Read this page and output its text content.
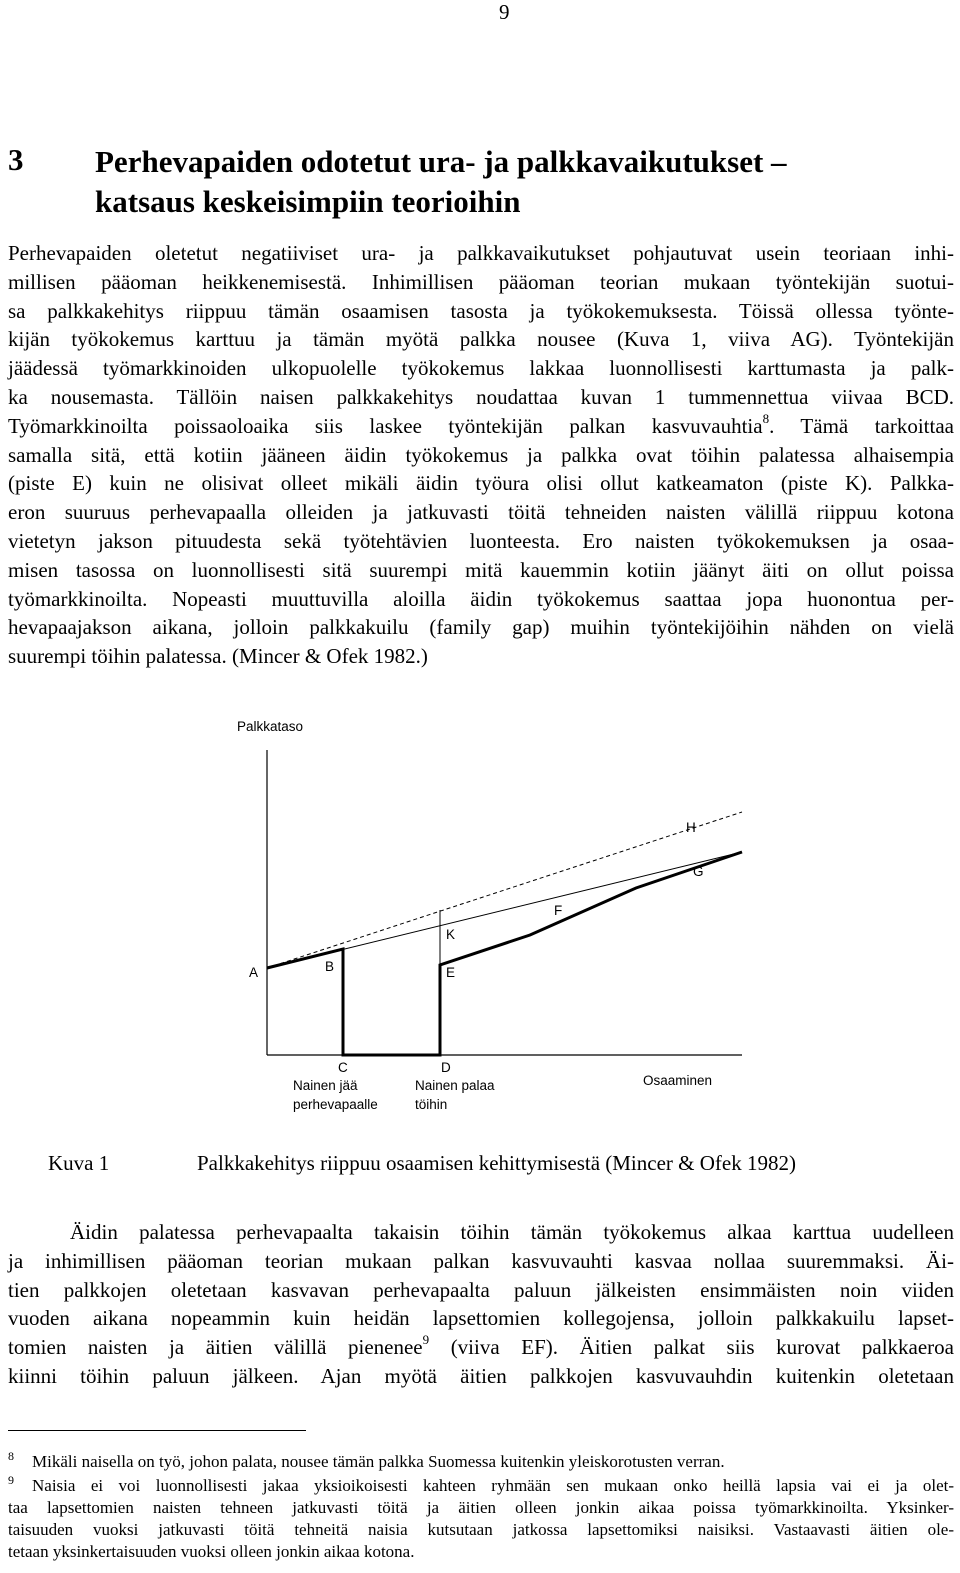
9
3 Perhevapaiden odotetut ura- ja palkkavaikutukset –
katsaus keskeisimpiin teorioihin

Perhevapaiden oletetut negatiiviset ura- ja palkkavaikutukset pohjautuvat usein teoriaan inhi-
millisen pääoman heikkenemisestä. Inhimillisen pääoman teorian mukaan työntekijän suotui-
sa palkkakehitys riippuu tämän osaamisen tasosta ja työkokemuksesta. Töissä ollessa työnte-
kijän työkokemus karttuu ja tämän myötä palkka nousee (Kuva 1, viiva AG). Työntekijän
jäädessä työmarkkinoiden ulkopuolelle työkokemus lakkaa luonnollisesti karttumasta ja palk-
ka nousemasta. Tällöin naisen palkkakehitys noudattaa kuvan 1 tummennettua viivaa BCD.
Työmarkkinoilta poissaoloaika siis laskee työntekijän palkan kasvuvauhtia$^8$. Tämä tarkoittaa
samalla sitä, että kotiin jääneen äidin työkokemus ja palkka ovat töihin palatessa alhaisempia
(piste E) kuin ne olisivat olleet mikäli äidin työura olisi ollut katkeamaton (piste K). Palkka-
eron suuruus perhevapaalla olleiden ja jatkuvasti töitä tehneiden naisten välillä riippuu kotona
vietetyn jakson pituudesta sekä työtehtävien luonteesta. Ero naisten työkokemuksen ja osaa-
misen tasossa on luonnollisesti sitä suurempi mitä kauemmin kotiin jäänyt äiti on ollut poissa
työmarkkinoilta. Nopeasti muuttuvilla aloilla äidin työkokemus saattaa jopa huonontua per-
hevapaajakson aikana, jolloin palkkakuilu (family gap) muihin työntekijöihin nähden on vielä
suurempi töihin palatessa. (Mincer & Ofek 1982.)

Palkkataso
Osaaminen
A	B
C	D
E
K
F
G
H
Nainen jää
perhevapaalle
Nainen palaa
töihin
Kuva 1	Palkkakehitys riippuu osaamisen kehittymisestä (Mincer & Ofek 1982)

Äidin palatessa perhevapaalta takaisin töihin tämän työkokemus alkaa karttua uudelleen
ja inhimillisen pääoman teorian mukaan palkan kasvuvauhti kasvaa nollaa suuremmaksi. Äi-
tien palkkojen oletetaan kasvavan perhevapaalta paluun jälkeisten ensimmäisten noin viiden
vuoden aikana nopeammin kuin heidän lapsettomien kollegojensa, jolloin palkkakuilu lapset-
tomien naisten ja äitien välillä pienenee$^9$ (viiva EF). Äitien palkat siis kurovat palkkaeroa
kiinni töihin paluun jälkeen. Ajan myötä äitien palkkojen kasvuvauhdin kuitenkin oletetaan

8	Mikäli naisella on työ, johon palata, nousee tämän palkka Suomessa kuitenkin yleiskorotusten verran.
9	Naisia ei voi luonnollisesti jakaa yksioikoisesti kahteen ryhmään sen mukaan onko heillä lapsia vai ei ja olet-
taa lapsettomien naisten tehneen jatkuvasti töitä ja äitien olleen jonkin aikaa poissa työmarkkinoilta. Yksinker-
taisuuden vuoksi jatkuvasti töitä tehneitä naisia kutsutaan jatkossa lapsettomiksi naisiksi. Vastaavasti äitien ole-
tetaan yksinkertaisuuden vuoksi olleen jonkin aikaa kotona.
